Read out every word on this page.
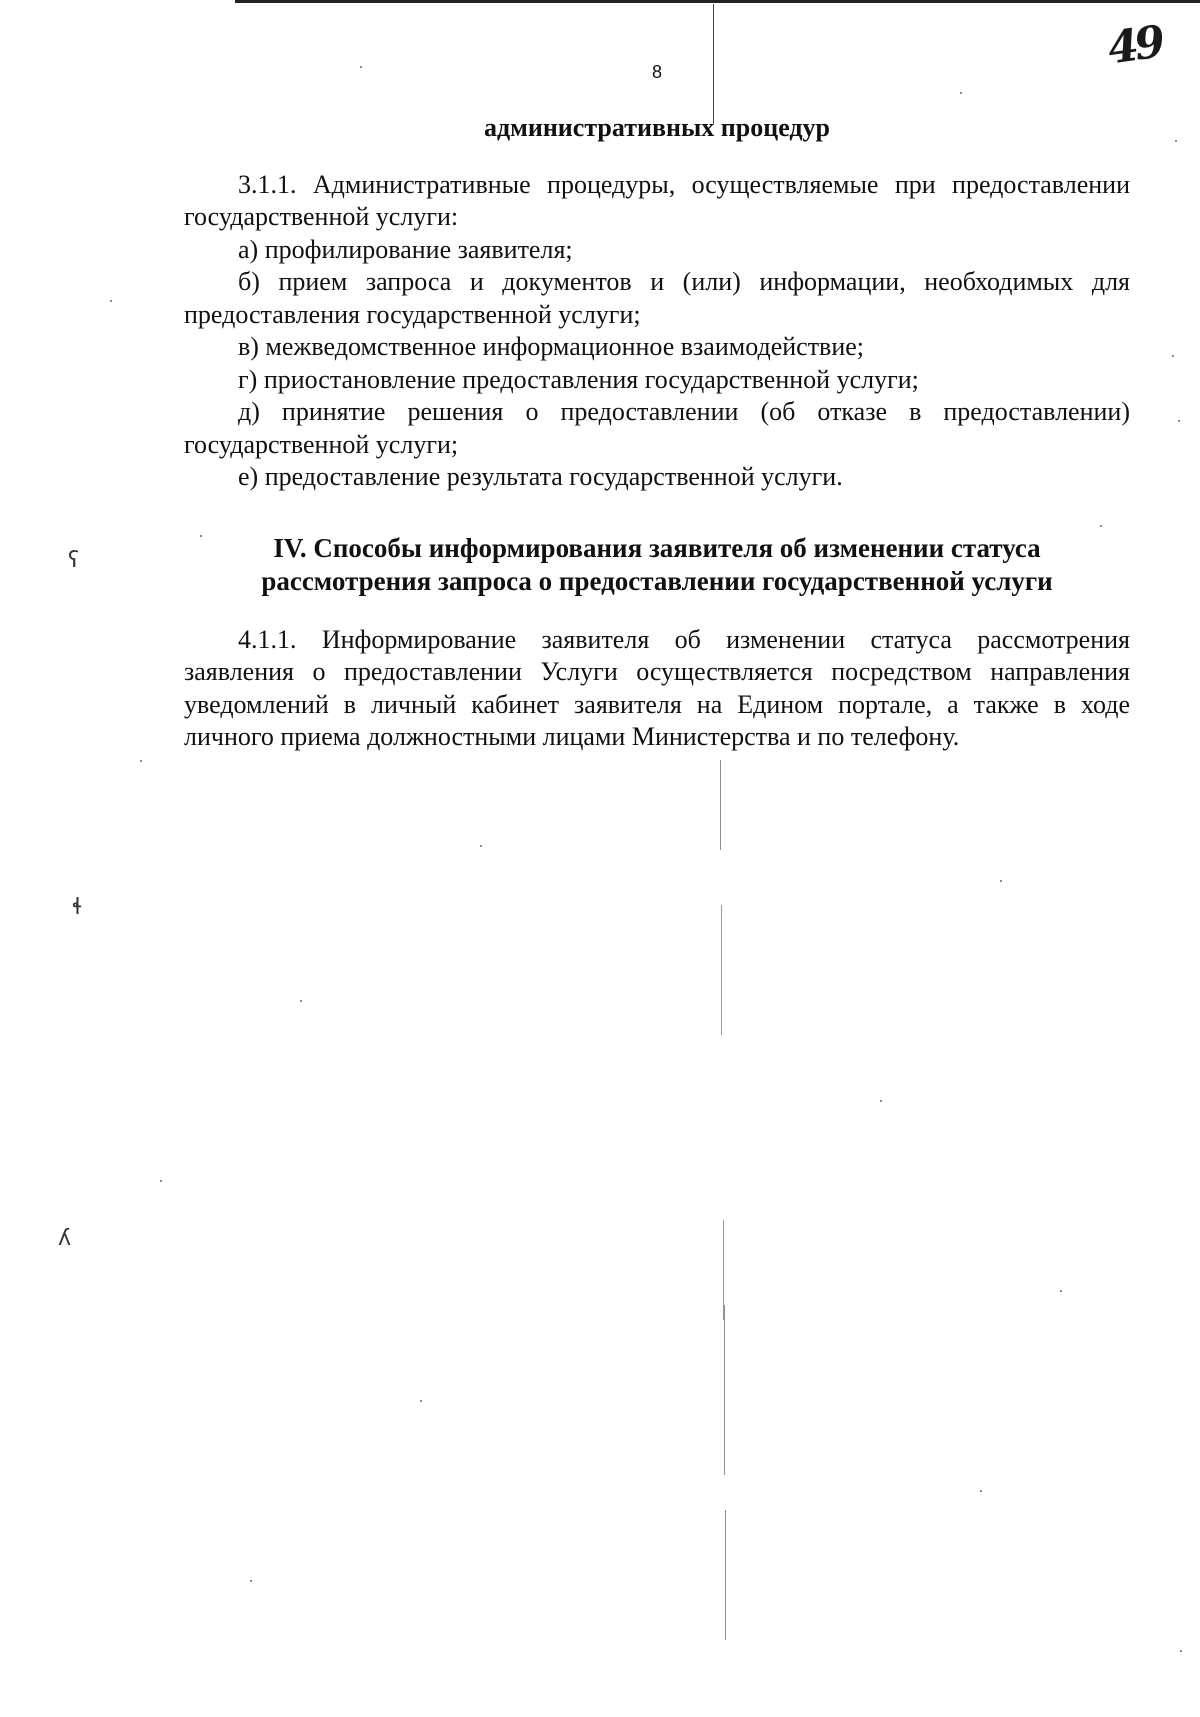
8	49

административных процедур

3.1.1. Административные процедуры, осуществляемые при предоставлении государственной услуги:

а) профилирование заявителя;

б) прием запроса и документов и (или) информации, необходимых для предоставления государственной услуги;

в) межведомственное информационное взаимодействие;

г) приостановление предоставления государственной услуги;

д) принятие решения о предоставлении (об отказе в предоставлении) государственной услуги;

е) предоставление результата государственной услуги.

IV. Способы информирования заявителя об изменении статуса
рассмотрения запроса о предоставлении государственной услуги

4.1.1. Информирование заявителя об изменении статуса рассмотрения заявления о предоставлении Услуги осуществляется посредством направления уведомлений в личный кабинет заявителя на Едином портале, а также в ходе личного приема должностными лицами Министерства и по телефону.

ʕ
ɬ
ʎ
